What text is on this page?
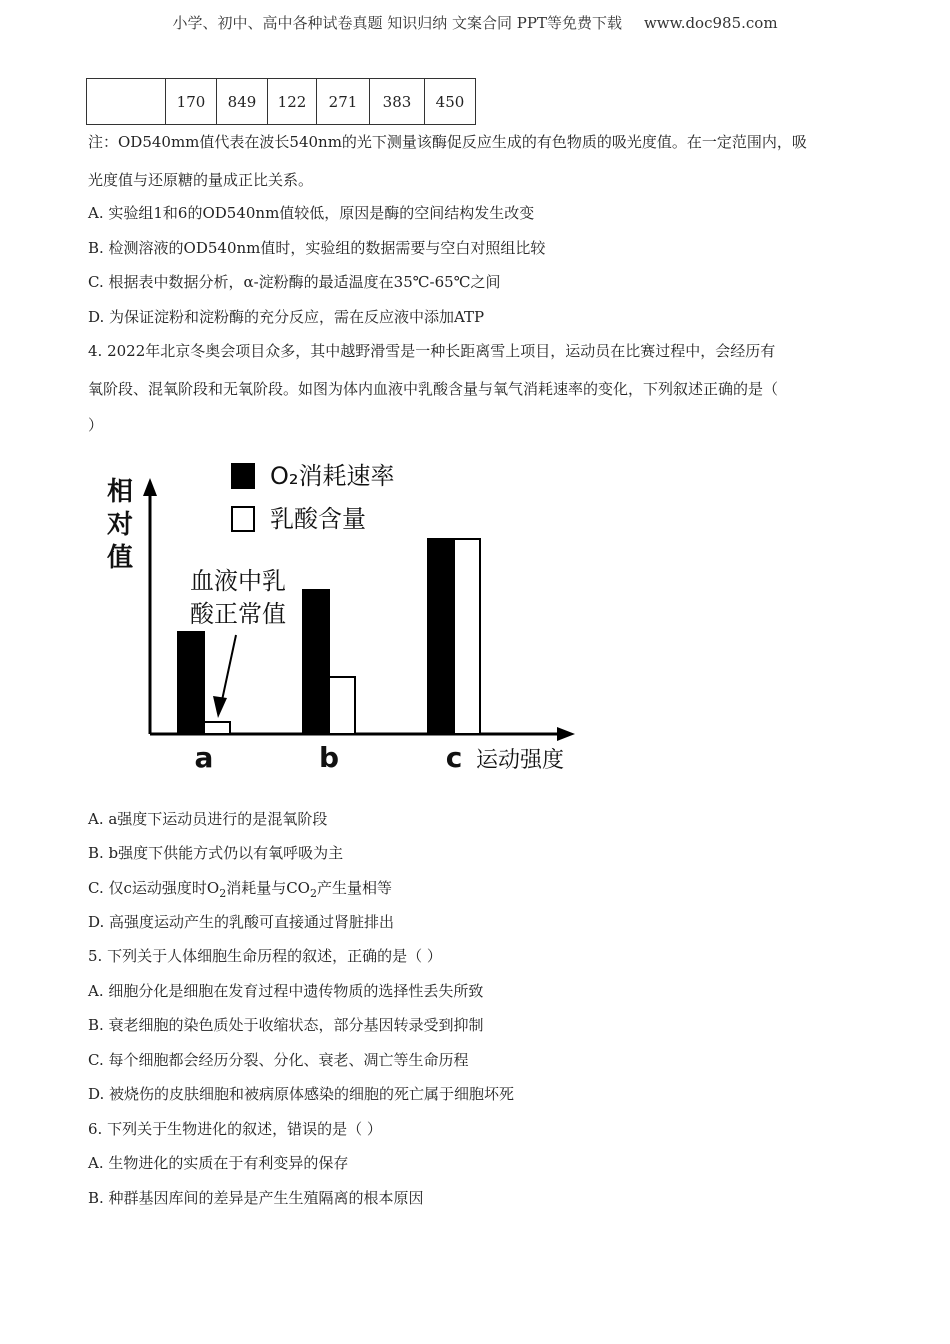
小学、初中、高中各种试卷真题 知识归纳 文案合同 PPT等免费下载 www.doc985.com
	170	849	122	271	383	450
注：OD540mm值代表在波长540nm的光下测量该酶促反应生成的有色物质的吸光度值。在一定范围内，吸
光度值与还原糖的量成正比关系。
A. 实验组1和6的OD540nm值较低，原因是酶的空间结构发生改变
B. 检测溶液的OD540nm值时，实验组的数据需要与空白对照组比较
C. 根据表中数据分析，α-淀粉酶的最适温度在35℃-65℃之间
D. 为保证淀粉和淀粉酶的充分反应，需在反应液中添加ATP
4. 2022年北京冬奥会项目众多，其中越野滑雪是一种长距离雪上项目，运动员在比赛过程中，会经历有
氧阶段、混氧阶段和无氧阶段。如图为体内血液中乳酸含量与氧气消耗速率的变化，下列叙述正确的是（
）
O₂消耗速率
乳酸含量
相
对
值
a	b	c 运动强度
血液中乳
酸正常值
A. a强度下运动员进行的是混氧阶段
B. b强度下供能方式仍以有氧呼吸为主
C. 仅c运动强度时$O_2$消耗量与$CO_2$产生量相等
D. 高强度运动产生的乳酸可直接通过肾脏排出
5. 下列关于人体细胞生命历程的叙述，正确的是（ ）
A. 细胞分化是细胞在发育过程中遗传物质的选择性丢失所致
B. 衰老细胞的染色质处于收缩状态，部分基因转录受到抑制
C. 每个细胞都会经历分裂、分化、衰老、凋亡等生命历程
D. 被烧伤的皮肤细胞和被病原体感染的细胞的死亡属于细胞坏死
6. 下列关于生物进化的叙述，错误的是（ ）
A. 生物进化的实质在于有利变异的保存
B. 种群基因库间的差异是产生生殖隔离的根本原因
